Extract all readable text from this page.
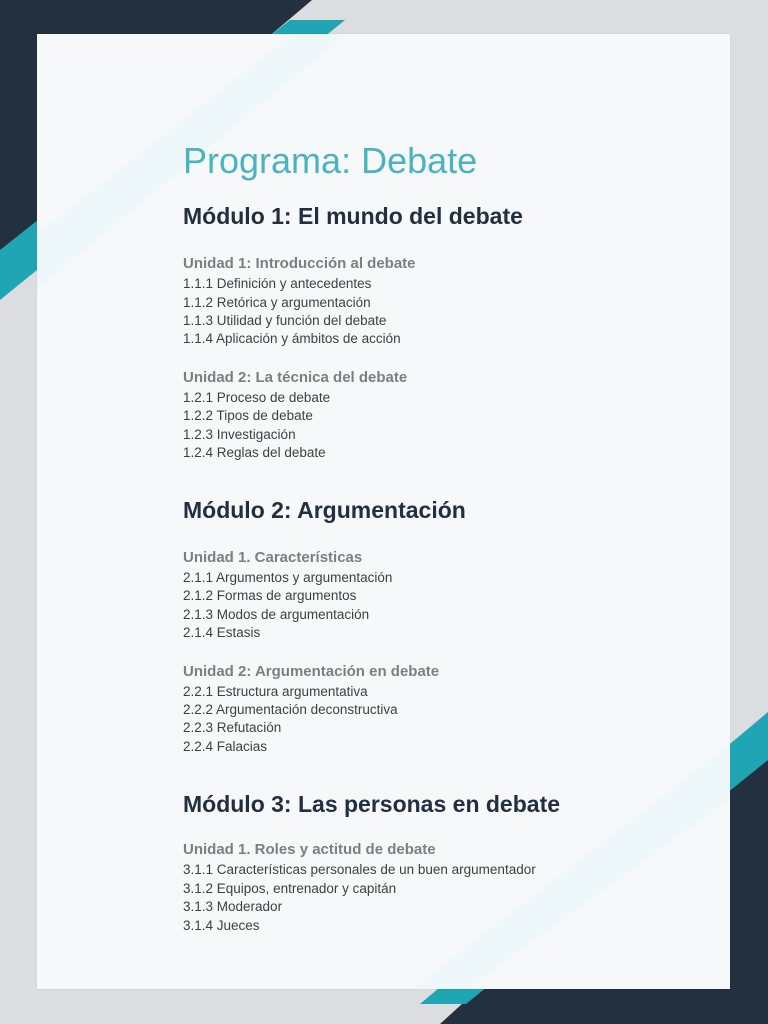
Programa: Debate
Módulo 1: El mundo del debate
Unidad 1: Introducción al debate

1.1.1 Definición y antecedentes

1.1.2 Retórica y argumentación

1.1.3 Utilidad y función del debate

1.1.4 Aplicación y ámbitos de acción

Unidad 2: La técnica del debate

1.2.1 Proceso de debate

1.2.2 Tipos de debate

1.2.3 Investigación

1.2.4 Reglas del debate

Módulo 2: Argumentación
Unidad 1. Características

2.1.1 Argumentos y argumentación

2.1.2 Formas de argumentos

2.1.3 Modos de argumentación

2.1.4 Estasis

Unidad 2: Argumentación en debate

2.2.1 Estructura argumentativa

2.2.2 Argumentación deconstructiva

2.2.3 Refutación

2.2.4 Falacias

Módulo 3: Las personas en debate
Unidad 1. Roles y actitud de debate

3.1.1 Características personales de un buen argumentador

3.1.2 Equipos, entrenador y capitán

3.1.3 Moderador

3.1.4 Jueces
